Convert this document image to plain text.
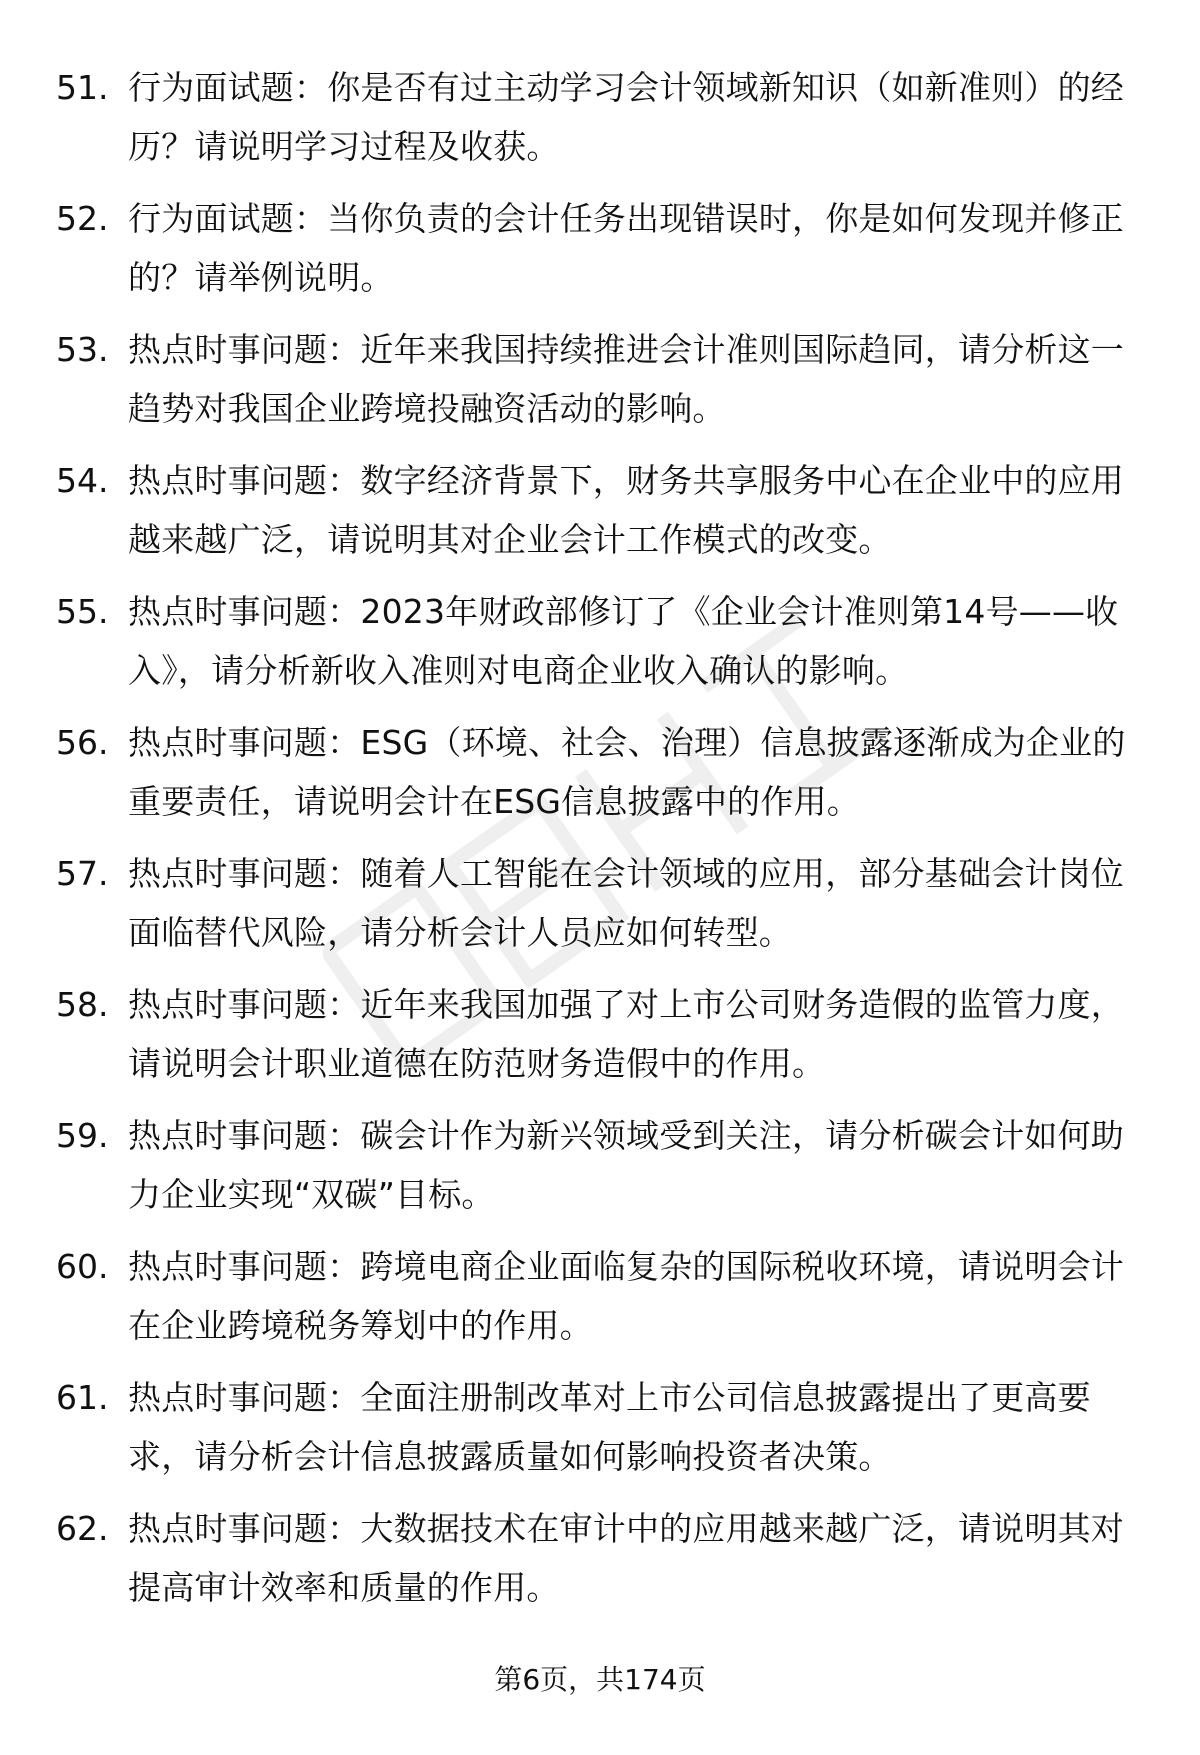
51. 行为面试题：你是否有过主动学习会计领域新知识（如新准则）的经历？请说明学习过程及收获。
52. 行为面试题：当你负责的会计任务出现错误时，你是如何发现并修正的？请举例说明。
53. 热点时事问题：近年来我国持续推进会计准则国际趋同，请分析这一趋势对我国企业跨境投融资活动的影响。
54. 热点时事问题：数字经济背景下，财务共享服务中心在企业中的应用越来越广泛，请说明其对企业会计工作模式的改变。
55. 热点时事问题：2023年财政部修订了《企业会计准则第14号——收入》，请分析新收入准则对电商企业收入确认的影响。
56. 热点时事问题：ESG（环境、社会、治理）信息披露逐渐成为企业的重要责任，请说明会计在ESG信息披露中的作用。
57. 热点时事问题：随着人工智能在会计领域的应用，部分基础会计岗位面临替代风险，请分析会计人员应如何转型。
58. 热点时事问题：近年来我国加强了对上市公司财务造假的监管力度，请说明会计职业道德在防范财务造假中的作用。
59. 热点时事问题：碳会计作为新兴领域受到关注，请分析碳会计如何助力企业实现“双碳”目标。
60. 热点时事问题：跨境电商企业面临复杂的国际税收环境，请说明会计在企业跨境税务筹划中的作用。
61. 热点时事问题：全面注册制改革对上市公司信息披露提出了更高要求，请分析会计信息披露质量如何影响投资者决策。
62. 热点时事问题：大数据技术在审计中的应用越来越广泛，请说明其对提高审计效率和质量的作用。
第6页，共174页
